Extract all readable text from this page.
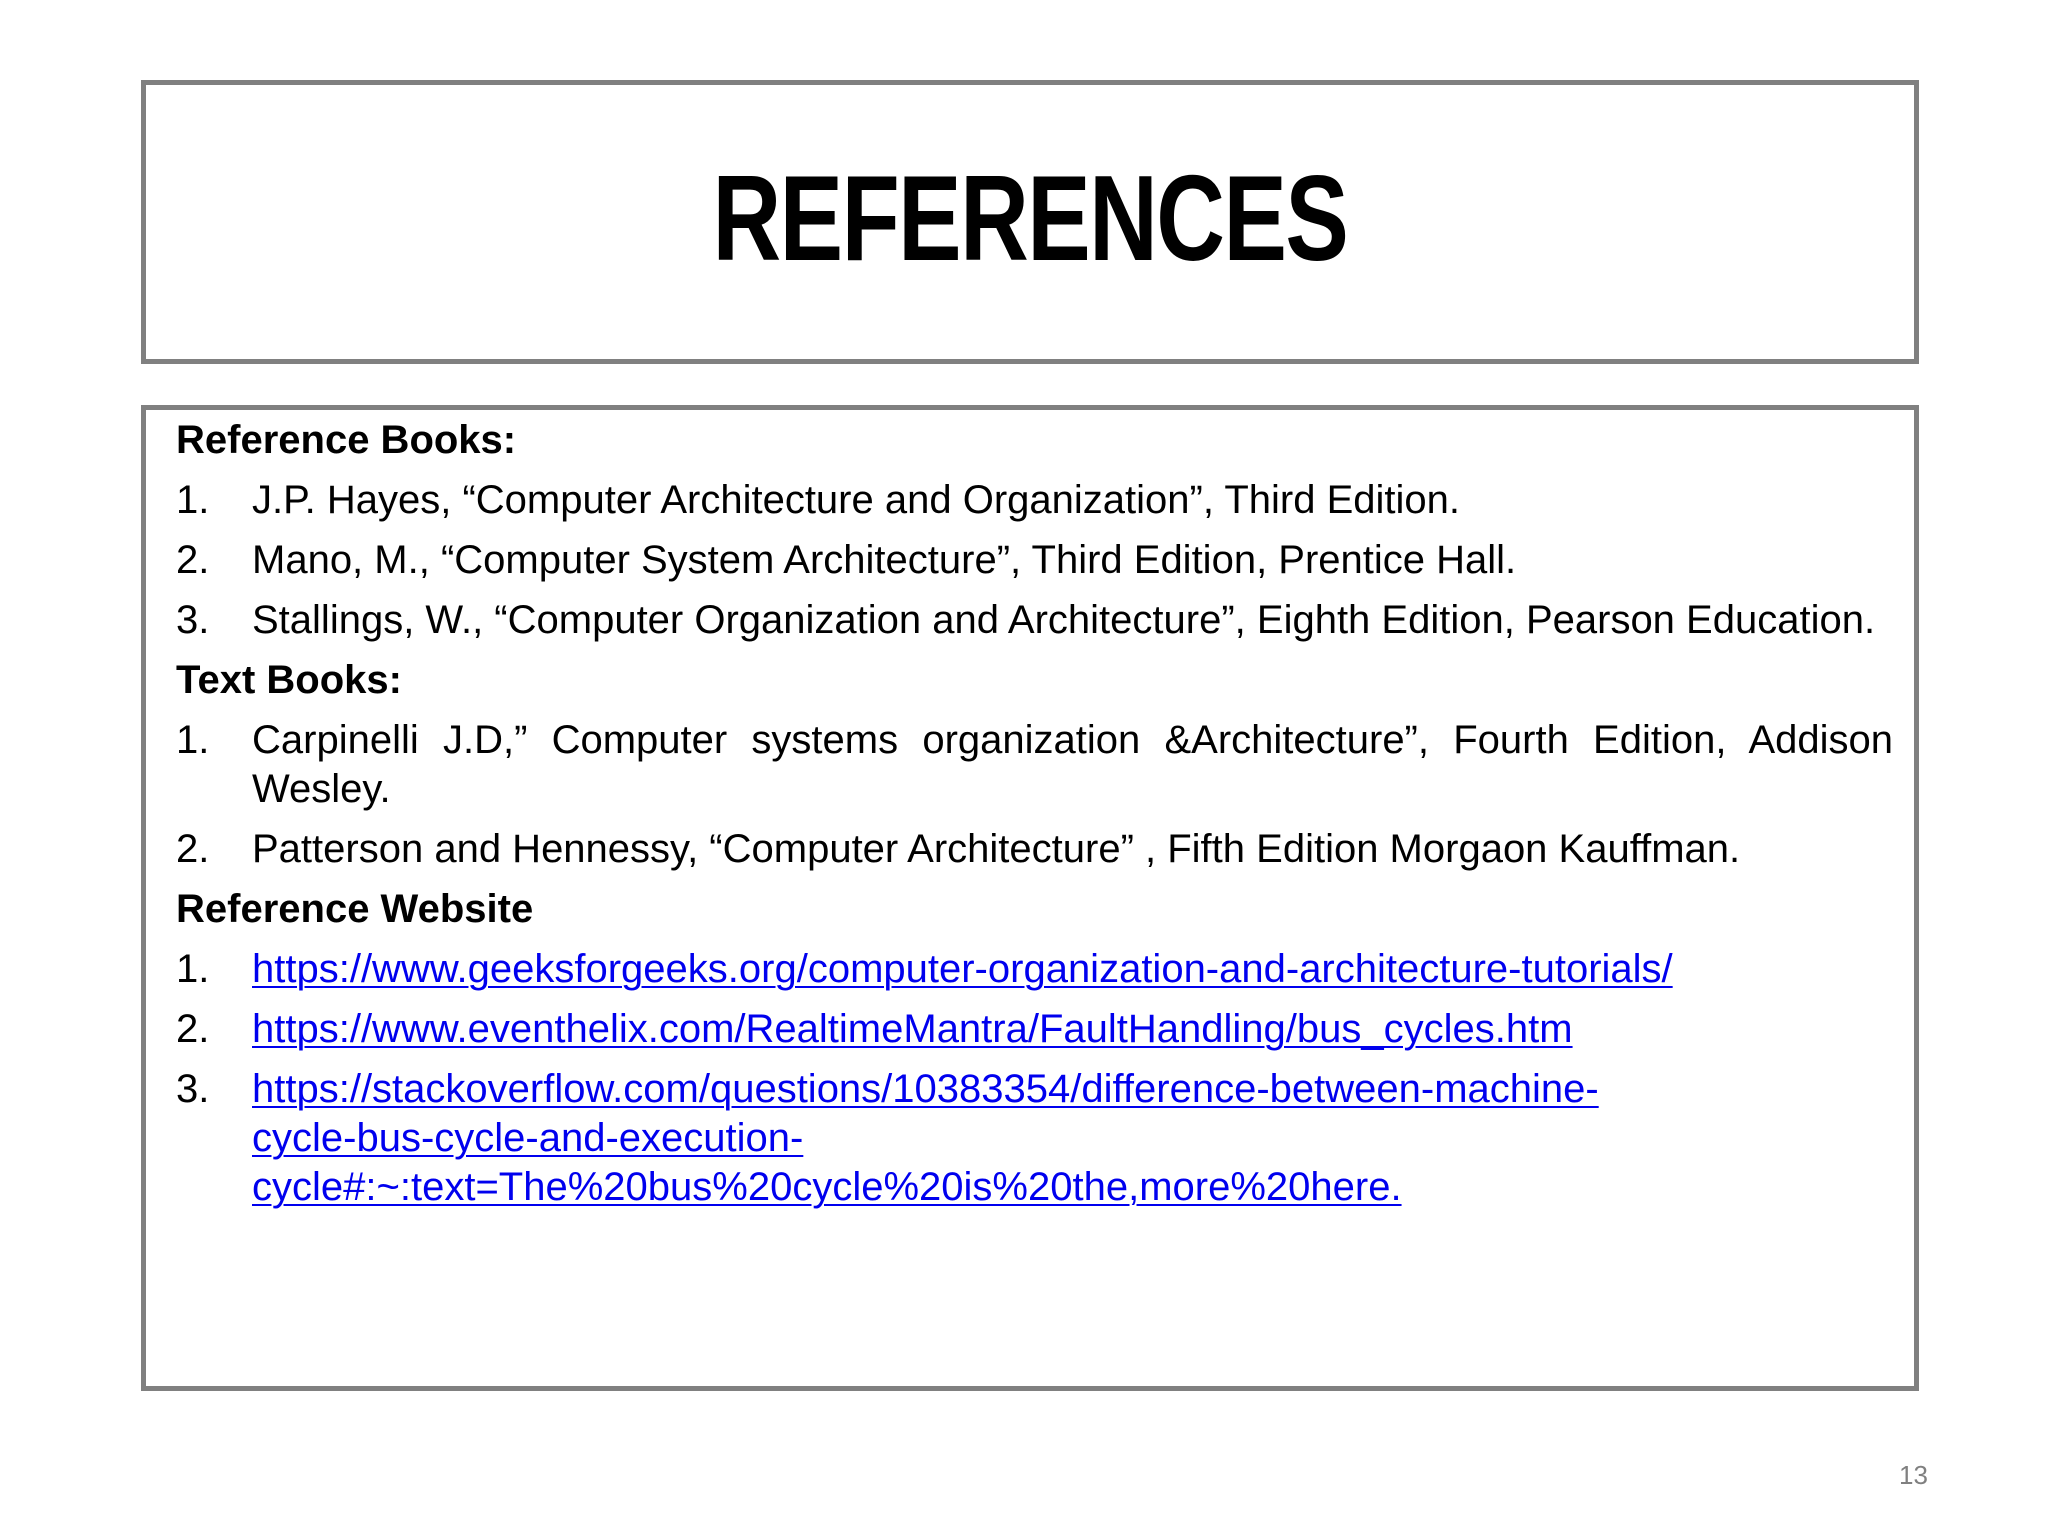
REFERENCES
Reference Books:
1.	J.P. Hayes, “Computer Architecture and Organization”, Third Edition.
2.	Mano, M., “Computer System Architecture”, Third Edition, Prentice Hall.
3.	Stallings, W., “Computer Organization and Architecture”, Eighth Edition, Pearson Education.
Text Books:
1.	Carpinelli J.D,” Computer systems organization &Architecture”, Fourth Edition, Addison Wesley.
2.	Patterson and Hennessy, “Computer Architecture” , Fifth Edition Morgaon Kauffman.
Reference Website
1.	https://www.geeksforgeeks.org/computer-organization-and-architecture-tutorials/
2.	https://www.eventhelix.com/RealtimeMantra/FaultHandling/bus_cycles.htm
3.	https://stackoverflow.com/questions/10383354/difference-between-machine-
cycle-bus-cycle-and-execution-
cycle#:~:text=The%20bus%20cycle%20is%20the,more%20here.
13
